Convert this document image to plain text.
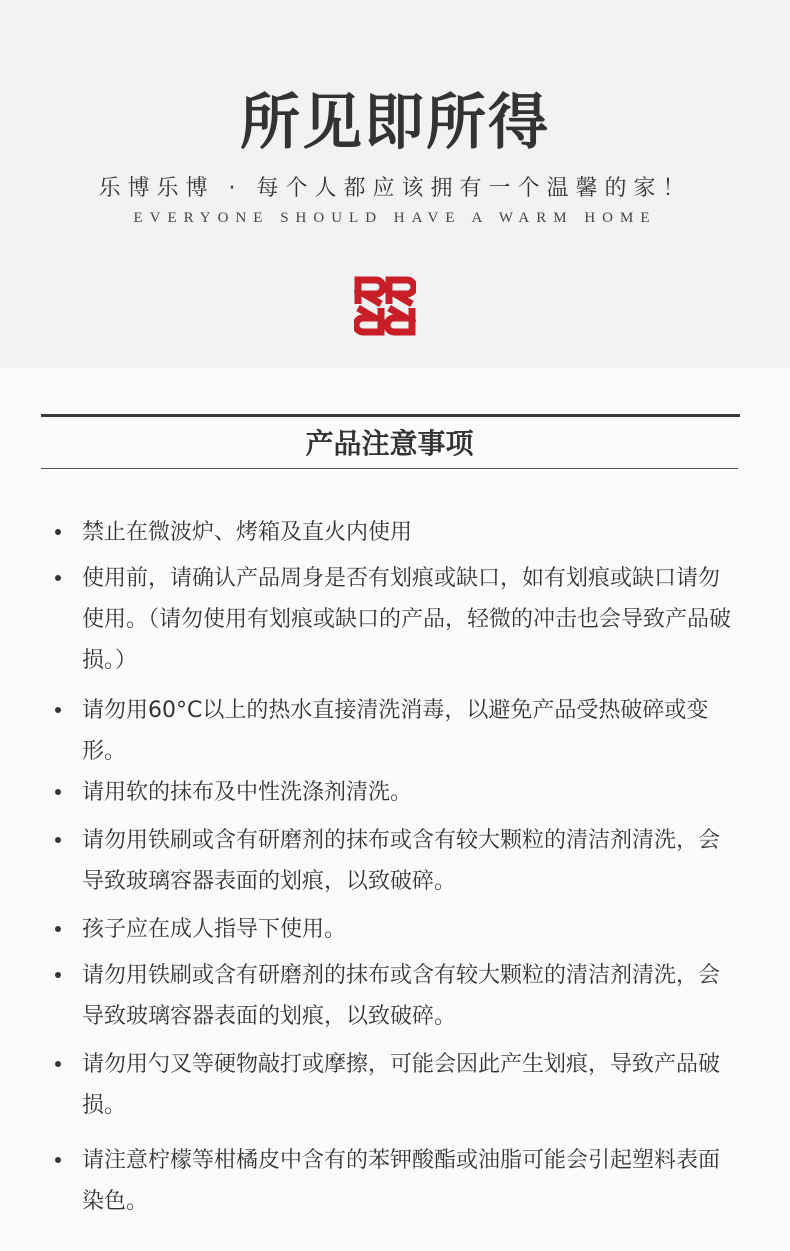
所见即所得
乐博乐博 · 每个人都应该拥有一个温馨的家！
EVERYONE SHOULD HAVE A WARM HOME
产品注意事项
禁止在微波炉、烤箱及直火内使用
使用前，请确认产品周身是否有划痕或缺口，如有划痕或缺口请勿使用。（请勿使用有划痕或缺口的产品，轻微的冲击也会导致产品破损。）
请勿用60°C以上的热水直接清洗消毒，以避免产品受热破碎或变形。
请用软的抹布及中性洗涤剂清洗。
请勿用铁刷或含有研磨剂的抹布或含有较大颗粒的清洁剂清洗，会导致玻璃容器表面的划痕，以致破碎。
孩子应在成人指导下使用。
请勿用铁刷或含有研磨剂的抹布或含有较大颗粒的清洁剂清洗，会导致玻璃容器表面的划痕，以致破碎。
请勿用勺叉等硬物敲打或摩擦，可能会因此产生划痕，导致产品破损。
请注意柠檬等柑橘皮中含有的苯钾酸酯或油脂可能会引起塑料表面染色。
